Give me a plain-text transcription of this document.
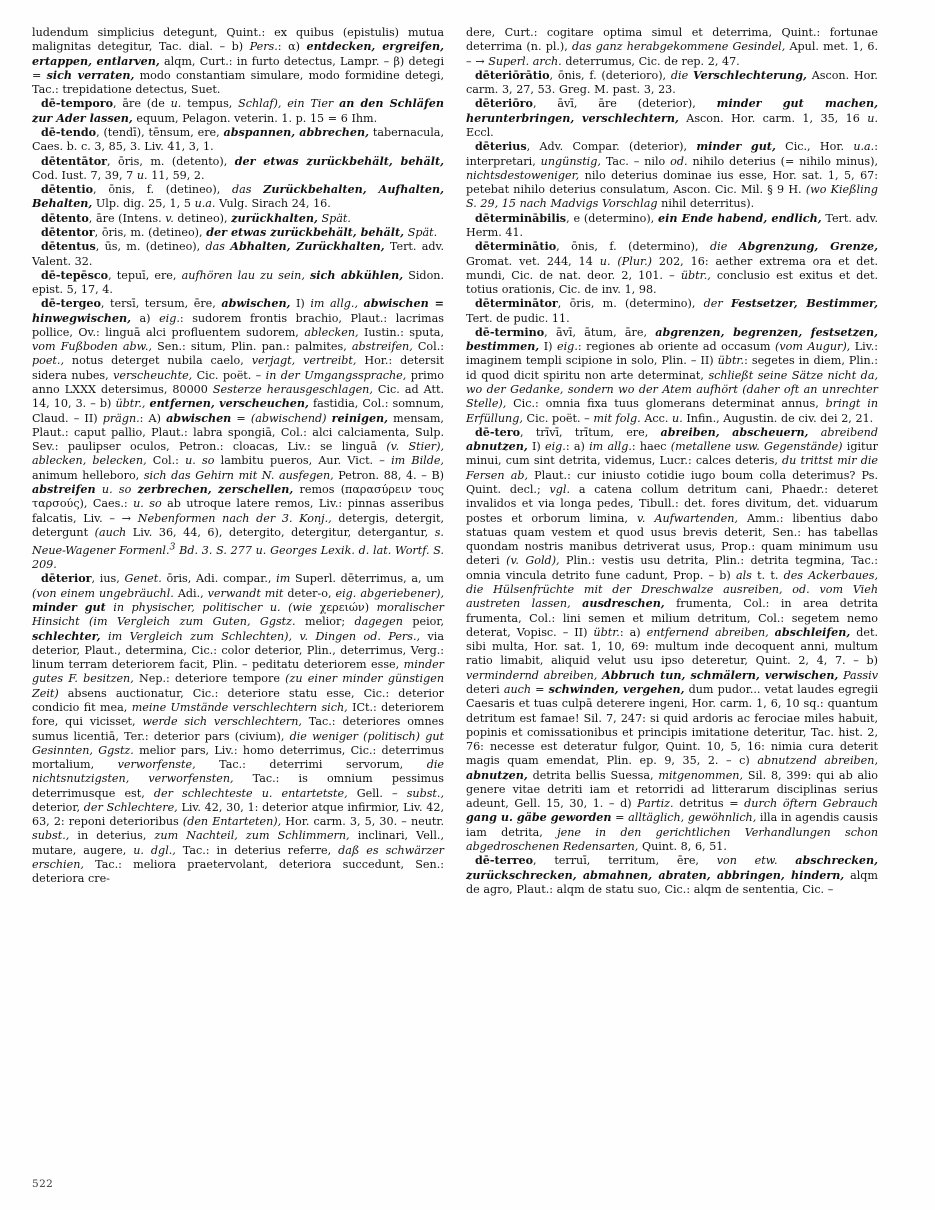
ludendum simplicius detegunt, Quint.: ex quibus (epistulis) mutua malignitas detegitur, Tac. dial. – b) Pers.: α) entdecken, ergreifen, ertappen, entlarven, alqm, Curt.: in furto detectus, Lampr. – β) detegi = sich verraten, modo constantiam simulare, modo formidine detegi, Tac.: trepidatione detectus, Suet.

dē-temporo, āre (de u. tempus, Schlaf), ein Tier an den Schläfen zur Ader lassen, equum, Pelagon. veterin. 1. p. 15 = 6 Ihm.

dē-tendo, (tendī), tēnsum, ere, abspannen, abbrechen, tabernacula, Caes. b. c. 3, 85, 3. Liv. 41, 3, 1.

dētentātor, ōris, m. (detento), der etwas zurückbehält, behält, Cod. Iust. 7, 39, 7 u. 11, 59, 2.

dētentio, ōnis, f. (detineo), das Zurückbehalten, Aufhalten, Behalten, Ulp. dig. 25, 1, 5 u.a. Vulg. Sirach 24, 16.

dētento, āre (Intens. v. detineo), zurückhalten, Spät.

dētentor, ōris, m. (detineo), der etwas zurückbehält, behält, Spät.

dētentus, ūs, m. (detineo), das Abhalten, Zurückhalten, Tert. adv. Valent. 32.

dē-tepēsco, tepuī, ere, aufhören lau zu sein, sich abkühlen, Sidon. epist. 5, 17, 4.

dē-tergeo, tersī, tersum, ēre, abwischen, I) im allg., abwischen = hinwegwischen, a) eig.: sudorem frontis brachio, Plaut.: lacrimas pollice, Ov.: linguā alci profluentem sudorem, ablecken, Iustin.: sputa, vom Fußboden abw., Sen.: situm, Plin. pan.: palmites, abstreifen, Col.: poet., notus deterget nubila caelo, verjagt, vertreibt, Hor.: detersit sidera nubes, verscheuchte, Cic. poët. – in der Umgangssprache, primo anno LXXX detersimus, 80000 Sesterze herausgeschlagen, Cic. ad Att. 14, 10, 3. – b) übtr., entfernen, verscheuchen, fastidia, Col.: somnum, Claud. – II) prägn.: A) abwischen = (abwischend) reinigen, mensam, Plaut.: caput pallio, Plaut.: labra spongiā, Col.: alci calciamenta, Sulp. Sev.: paulipser oculos, Petron.: cloacas, Liv.: se linguā (v. Stier), ablecken, belecken, Col.: u. so lambitu pueros, Aur. Vict. – im Bilde, animum helleboro, sich das Gehirn mit N. ausfegen, Petron. 88, 4. – B) abstreifen u. so zerbrechen, zerschellen, remos (παρασύρειν τους ταρσούς), Caes.: u. so ab utroque latere remos, Liv.: pinnas asseribus falcatis, Liv. – → Nebenformen nach der 3. Konj., detergis, detergit, detergunt (auch Liv. 36, 44, 6), detergito, detergitur, detergantur, s. Neue-Wagener Formenl.$^3$ Bd. 3. S. 277 u. Georges Lexik. d. lat. Wortf. S. 209.

dēterior, ius, Genet. ōris, Adi. compar., im Superl. dēterrimus, a, um (von einem ungebräuchl. Adi., verwandt mit deter-o, eig. abgeriebener), minder gut in physischer, politischer u. (wie χερειών) moralischer Hinsicht (im Vergleich zum Guten, Ggstz. melior; dagegen peior, schlechter, im Vergleich zum Schlechten), v. Dingen od. Pers., via deterior, Plaut., determina, Cic.: color deterior, Plin., deterrimus, Verg.: linum terram deteriorem facit, Plin. – peditatu deteriorem esse, minder gutes F. besitzen, Nep.: deteriore tempore (zu einer minder günstigen Zeit) absens auctionatur, Cic.: deteriore statu esse, Cic.: deterior condicio fit mea, meine Umstände verschlechtern sich, ICt.: deteriorem fore, qui vicisset, werde sich verschlechtern, Tac.: deteriores omnes sumus licentiā, Ter.: deterior pars (civium), die weniger (politisch) gut Gesinnten, Ggstz. melior pars, Liv.: homo deterrimus, Cic.: deterrimus mortalium, verworfenste, Tac.: deterrimi servorum, die nichtsnutzigsten, verworfensten, Tac.: is omnium pessimus deterrimusque est, der schlechteste u. entartetste, Gell. – subst., deterior, der Schlechtere, Liv. 42, 30, 1: deterior atque infirmior, Liv. 42, 63, 2: reponi deterioribus (den Entarteten), Hor. carm. 3, 5, 30. – neutr. subst., in deterius, zum Nachteil, zum Schlimmern, inclinari, Vell., mutare, augere, u. dgl., Tac.: in deterius referre, daß es schwärzer erschien, Tac.: meliora praetervolant, deteriora succedunt, Sen.: deteriora cre-

dere, Curt.: cogitare optima simul et deterrima, Quint.: fortunae deterrima (n. pl.), das ganz herabgekommene Gesindel, Apul. met. 1, 6. – → Superl. arch. deterrumus, Cic. de rep. 2, 47.

dēteriōrātio, ōnis, f. (deterioro), die Verschlechterung, Ascon. Hor. carm. 3, 27, 53. Greg. M. past. 3, 23.

dēteriōro, āvī, āre (deterior), minder gut machen, herunterbringen, verschlechtern, Ascon. Hor. carm. 1, 35, 16 u. Eccl.

dēterius, Adv. Compar. (deterior), minder gut, Cic., Hor. u.a.: interpretari, ungünstig, Tac. – nilo od. nihilo deterius (= nihilo minus), nichtsdestoweniger, nilo deterius dominae ius esse, Hor. sat. 1, 5, 67: petebat nihilo deterius consulatum, Ascon. Cic. Mil. § 9 H. (wo Kießling S. 29, 15 nach Madvigs Vorschlag nihil deterritus).

dēterminābilis, e (determino), ein Ende habend, endlich, Tert. adv. Herm. 41.

dēterminātio, ōnis, f. (determino), die Abgrenzung, Grenze, Gromat. vet. 244, 14 u. (Plur.) 202, 16: aether extrema ora et det. mundi, Cic. de nat. deor. 2, 101. – übtr., conclusio est exitus et det. totius orationis, Cic. de inv. 1, 98.

dēterminātor, ōris, m. (determino), der Festsetzer, Bestimmer, Tert. de pudic. 11.

dē-termino, āvī, ātum, āre, abgrenzen, begrenzen, festsetzen, bestimmen, I) eig.: regiones ab oriente ad occasum (vom Augur), Liv.: imaginem templi scipione in solo, Plin. – II) übtr.: segetes in diem, Plin.: id quod dicit spiritu non arte determinat, schließt seine Sätze nicht da, wo der Gedanke, sondern wo der Atem aufhört (daher oft an unrechter Stelle), Cic.: omnia fixa tuus glomerans determinat annus, bringt in Erfüllung, Cic. poët. – mit folg. Acc. u. Infin., Augustin. de civ. dei 2, 21.

dē-tero, trīvī, trītum, ere, abreiben, abscheuern, abreibend abnutzen, I) eig.: a) im allg.: haec (metallene usw. Gegenstände) igitur minui, cum sint detrita, videmus, Lucr.: calces deteris, du trittst mir die Fersen ab, Plaut.: cur iniusto cotidie iugo boum colla deterimus? Ps. Quint. decl.; vgl. a catena collum detritum cani, Phaedr.: deteret invalidos et via longa pedes, Tibull.: det. fores divitum, det. viduarum postes et orborum limina, v. Aufwartenden, Amm.: libentius dabo statuas quam vestem et quod usus brevis deterit, Sen.: has tabellas quondam nostris manibus detriverat usus, Prop.: quam minimum usu deteri (v. Gold), Plin.: vestis usu detrita, Plin.: detrita tegmina, Tac.: omnia vincula detrito fune cadunt, Prop. – b) als t. t. des Ackerbaues, die Hülsenfrüchte mit der Dreschwalze ausreiben, od. vom Vieh austreten lassen, ausdreschen, frumenta, Col.: in area detrita frumenta, Col.: lini semen et milium detritum, Col.: segetem nemo deterat, Vopisc. – II) übtr.: a) entfernend abreiben, abschleifen, det. sibi multa, Hor. sat. 1, 10, 69: multum inde decoquent anni, multum ratio limabit, aliquid velut usu ipso deteretur, Quint. 2, 4, 7. – b) vermindernd abreiben, Abbruch tun, schmälern, verwischen, Passiv deteri auch = schwinden, vergehen, dum pudor... vetat laudes egregii Caesaris et tuas culpā deterere ingeni, Hor. carm. 1, 6, 10 sq.: quantum detritum est famae! Sil. 7, 247: si quid ardoris ac ferociae miles habuit, popinis et comissationibus et principis imitatione deteritur, Tac. hist. 2, 76: necesse est deteratur fulgor, Quint. 10, 5, 16: nimia cura deterit magis quam emendat, Plin. ep. 9, 35, 2. – c) abnutzend abreiben, abnutzen, detrita bellis Suessa, mitgenommen, Sil. 8, 399: qui ab alio genere vitae detriti iam et retorridi ad litterarum disciplinas serius adeunt, Gell. 15, 30, 1. – d) Partiz. detritus = durch öftern Gebrauch gang u. gäbe geworden = alltäglich, gewöhnlich, illa in agendis causis iam detrita, jene in den gerichtlichen Verhandlungen schon abgedroschenen Redensarten, Quint. 8, 6, 51.

dē-terreo, terruī, territum, ēre, von etw. abschrecken, zurückschrecken, abmahnen, abraten, abbringen, hindern, alqm de agro, Plaut.: alqm de statu suo, Cic.: alqm de sententia, Cic. –

522
